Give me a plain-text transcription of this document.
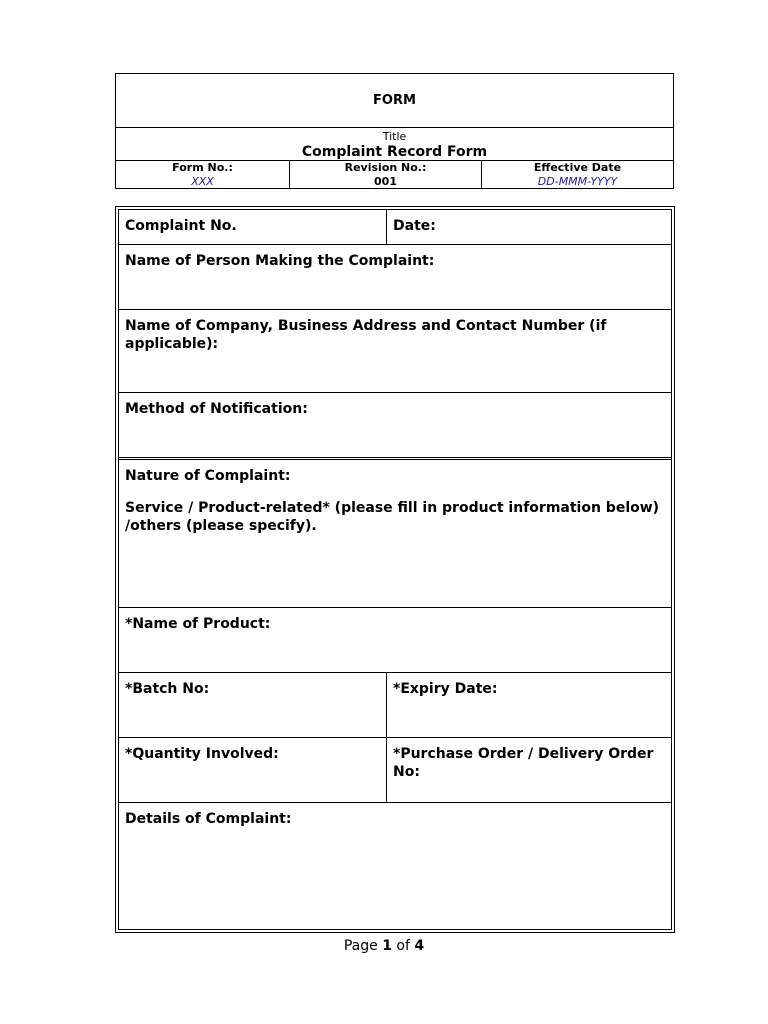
FORM
Title
Complaint Record Form
Form No.:
XXX
Revision No.:
001
Effective Date
DD-MMM-YYYY
Complaint No.	Date:
Name of Person Making the Complaint:
Name of Company, Business Address and Contact Number (if applicable):
Method of Notification:
Nature of Complaint:
Service / Product-related* (please fill in product information below) /others (please specify).
*Name of Product:
*Batch No:	*Expiry Date:
*Quantity Involved:	*Purchase Order / Delivery Order No:
Details of Complaint:
Page 1 of 4
